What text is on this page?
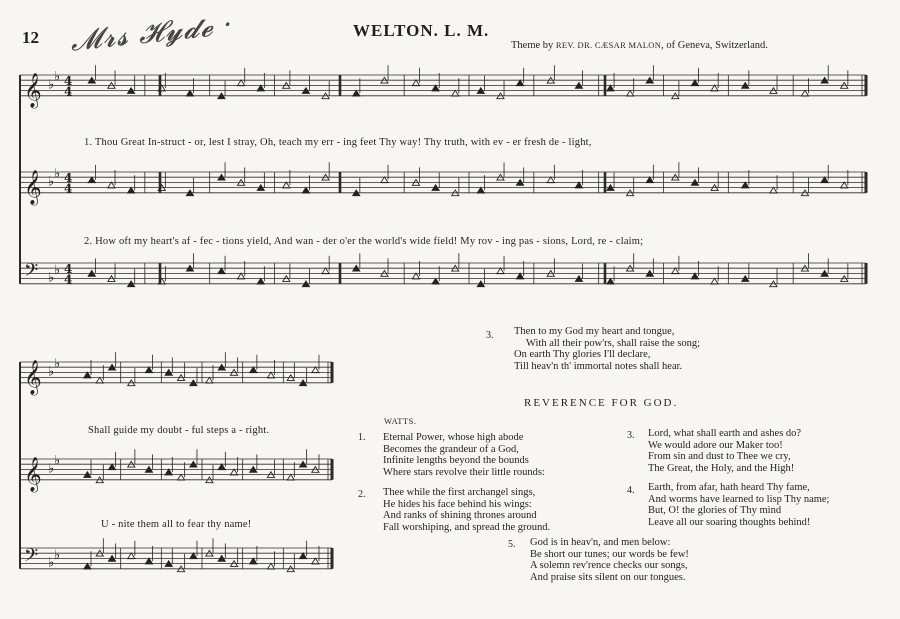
12 𝓜𝓻𝓼 𝓗𝔂𝓭𝓮 ·	WELTON. L. M.
Theme by REV. DR. CÆSAR MALON, of Geneva, Switzerland.
𝄞 ♭
♭ 4
4
𝄞 ♭
♭ 4
4
𝄢 ♭
♭ 4
4
𝄞 ♭
♭
𝄞 ♭
♭
𝄢 ♭
♭
1. Thou Great In-struct - or, lest I stray, Oh, teach my err - ing feet Thy way! Thy truth, with ev - er fresh de - light,
2. How oft my heart's af - fec - tions yield, And wan - der o'er the world's wide field! My rov - ing pas - sions, Lord, re - claim;
Shall guide my doubt - ful steps a - right.
U - nite them all to fear thy name!
3. Then to my God my heart and tongue,
With all their pow'rs, shall raise the song;
On earth Thy glories I'll declare,
Till heav'n th' immortal notes shall hear.
REVERENCE FOR GOD.
WATTS.
1. Eternal Power, whose high abode
Becomes the grandeur of a God,
Infinite lengths beyond the bounds
Where stars revolve their little rounds:
2. Thee while the first archangel sings,
He hides his face behind his wings:
And ranks of shining thrones around
Fall worshiping, and spread the ground.
3. Lord, what shall earth and ashes do?
We would adore our Maker too!
From sin and dust to Thee we cry,
The Great, the Holy, and the High!
4. Earth, from afar, hath heard Thy fame,
And worms have learned to lisp Thy name;
But, O! the glories of Thy mind
Leave all our soaring thoughts behind!
5. God is in heav'n, and men below:
Be short our tunes; our words be few!
A solemn rev'rence checks our songs,
And praise sits silent on our tongues.
